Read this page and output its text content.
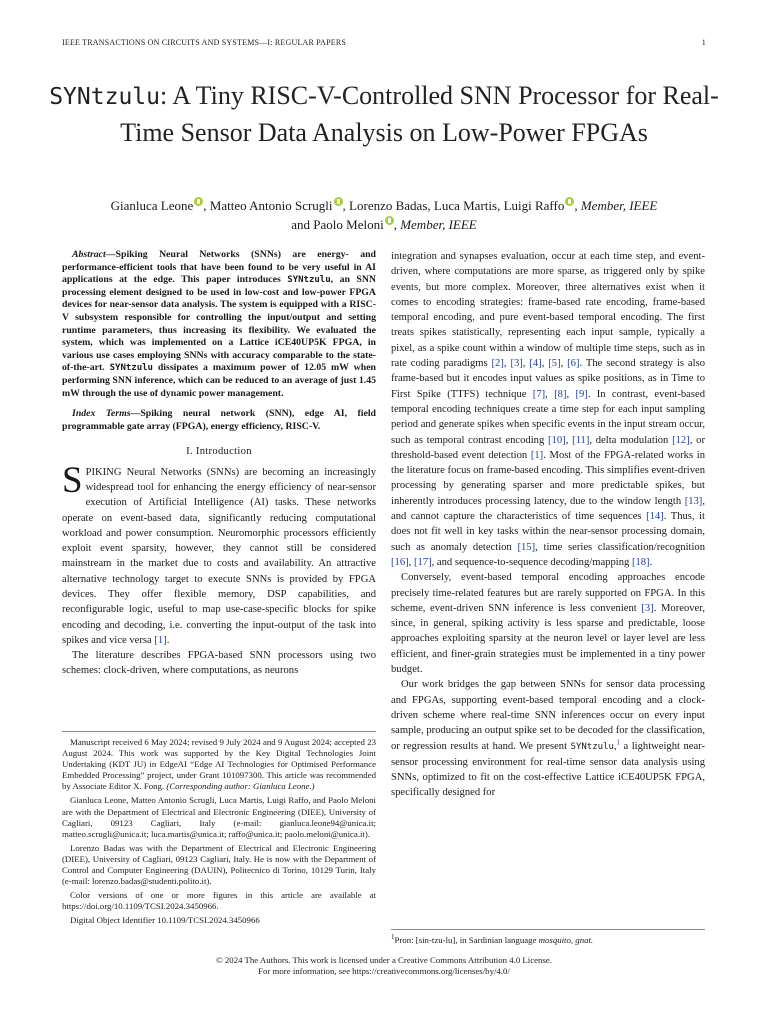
IEEE TRANSACTIONS ON CIRCUITS AND SYSTEMS—I: REGULAR PAPERS	1
SYNtzulu: A Tiny RISC-V-Controlled SNN Processor for Real-Time Sensor Data Analysis on Low-Power FPGAs
Gianluca Leone , Matteo Antonio Scrugli , Lorenzo Badas, Luca Martis, Luigi Raffo , Member, IEEE
and Paolo Meloni , Member, IEEE
Abstract—Spiking Neural Networks (SNNs) are energy- and performance-efficient tools that have been found to be very useful in AI applications at the edge. This paper introduces SYNtzulu, an SNN processing element designed to be used in low-cost and low-power FPGA devices for near-sensor data analysis. The system is equipped with a RISC-V subsystem responsible for controlling the input/output and setting runtime parameters, thus increasing its flexibility. We evaluated the system, which was implemented on a Lattice iCE40UP5K FPGA, in various use cases employing SNNs with accuracy comparable to the state-of-the-art. SYNtzulu dissipates a maximum power of 12.05 mW when performing SNN inference, which can be reduced to an average of just 1.45 mW through the use of dynamic power management.
Index Terms—Spiking neural network (SNN), edge AI, field programmable gate array (FPGA), energy efficiency, RISC-V.
I. Introduction

SPIKING Neural Networks (SNNs) are becoming an increasingly widespread tool for enhancing the energy efficiency of near-sensor execution of Artificial Intelligence (AI) tasks. These networks operate on event-based data, significantly reducing computational workload and power consumption. Neuromorphic processors efficiently exploit event sparsity, however, they cannot still be considered mainstream in the market due to costs and availability. An attractive alternative technology target to execute SNNs is provided by FPGA devices. They offer flexible memory, DSP capabilities, and reconfigurable logic, useful to map use-case-specific blocks for spike encoding and decoding, i.e. converting the input-output of the task into spikes and vice versa [1].

The literature describes FPGA-based SNN processors using two schemes: clock-driven, where computations, as neurons

integration and synapses evaluation, occur at each time step, and event-driven, where computations are more sparse, as triggered only by spike events, but more complex. Moreover, three alternatives exist when it comes to encoding strategies: frame-based rate encoding, frame-based temporal encoding, and pure event-based temporal encoding. The first treats spikes statistically, representing each input sample, typically a pixel, as a spike count within a window of multiple time steps, such as in rate coding paradigms [2], [3], [4], [5], [6]. The second strategy is also frame-based but it encodes input values as spike positions, as in Time to First Spike (TTFS) technique [7], [8], [9]. In contrast, event-based temporal encoding techniques create a time step for each input sampling period and generate spikes when specific events in the input stream occur, such as temporal contrast encoding [10], [11], delta modulation [12], or threshold-based event detection [1]. Most of the FPGA-related works in the literature focus on frame-based encoding. This simplifies event-driven processing by generating sparser and more predictable spikes, but inherently introduces processing latency, due to the window length [13], and cannot capture the characteristics of time sequences [14]. Thus, it does not fit well in key tasks within the near-sensor processing domain, such as anomaly detection [15], time series classification/recognition [16], [17], and sequence-to-sequence decoding/mapping [18].

Conversely, event-based temporal encoding approaches encode precisely time-related features but are rarely supported on FPGA. In this scheme, event-driven SNN inference is less convenient [3]. Moreover, since, in general, spiking activity is less sparse and predictable, loose approaches exploiting sparsity at the neuron level or layer level are less efficient, and finer-grain strategies must be implemented in a tiny power budget.

Our work bridges the gap between SNNs for sensor data processing and FPGAs, supporting event-based temporal encoding and a clock-driven scheme where real-time SNN inferences occur on every input sample, producing an output spike set to be decoded for the classification, or regression results at hand. We present SYNtzulu,$^1$ a lightweight near-sensor processing environment for real-time sensor data analysis using SNNs, optimized to fit on the cost-effective Lattice iCE40UP5K FPGA, specifically designed for

Manuscript received 6 May 2024; revised 9 July 2024 and 9 August 2024; accepted 23 August 2024. This work was supported by the Key Digital Technologies Joint Undertaking (KDT JU) in EdgeAI “Edge AI Technologies for Optimised Performance Embedded Processing” project, under Grant 101097300. This article was recommended by Associate Editor X. Fong. (Corresponding author: Gianluca Leone.)

Gianluca Leone, Matteo Antonio Scrugli, Luca Martis, Luigi Raffo, and Paolo Meloni are with the Department of Electrical and Electronic Engineering (DIEE), University of Cagliari, 09123 Cagliari, Italy (e-mail: gianluca.leone94@unica.it; matteo.scrugli@unica.it; luca.martis@unica.it; raffo@unica.it; paolo.meloni@unica.it).

Lorenzo Badas was with the Department of Electrical and Electronic Engineering (DIEE), University of Cagliari, 09123 Cagliari, Italy. He is now with the Department of Control and Computer Engineering (DAUIN), Politecnico di Torino, 10129 Turin, Italy (e-mail: lorenzo.badas@studenti.polito.it).

Color versions of one or more figures in this article are available at https://doi.org/10.1109/TCSI.2024.3450966.

Digital Object Identifier 10.1109/TCSI.2024.3450966

$^1$Pron: [sin-tzu-lu], in Sardinian language mosquito, gnat.
© 2024 The Authors. This work is licensed under a Creative Commons Attribution 4.0 License.
For more information, see https://creativecommons.org/licenses/by/4.0/
